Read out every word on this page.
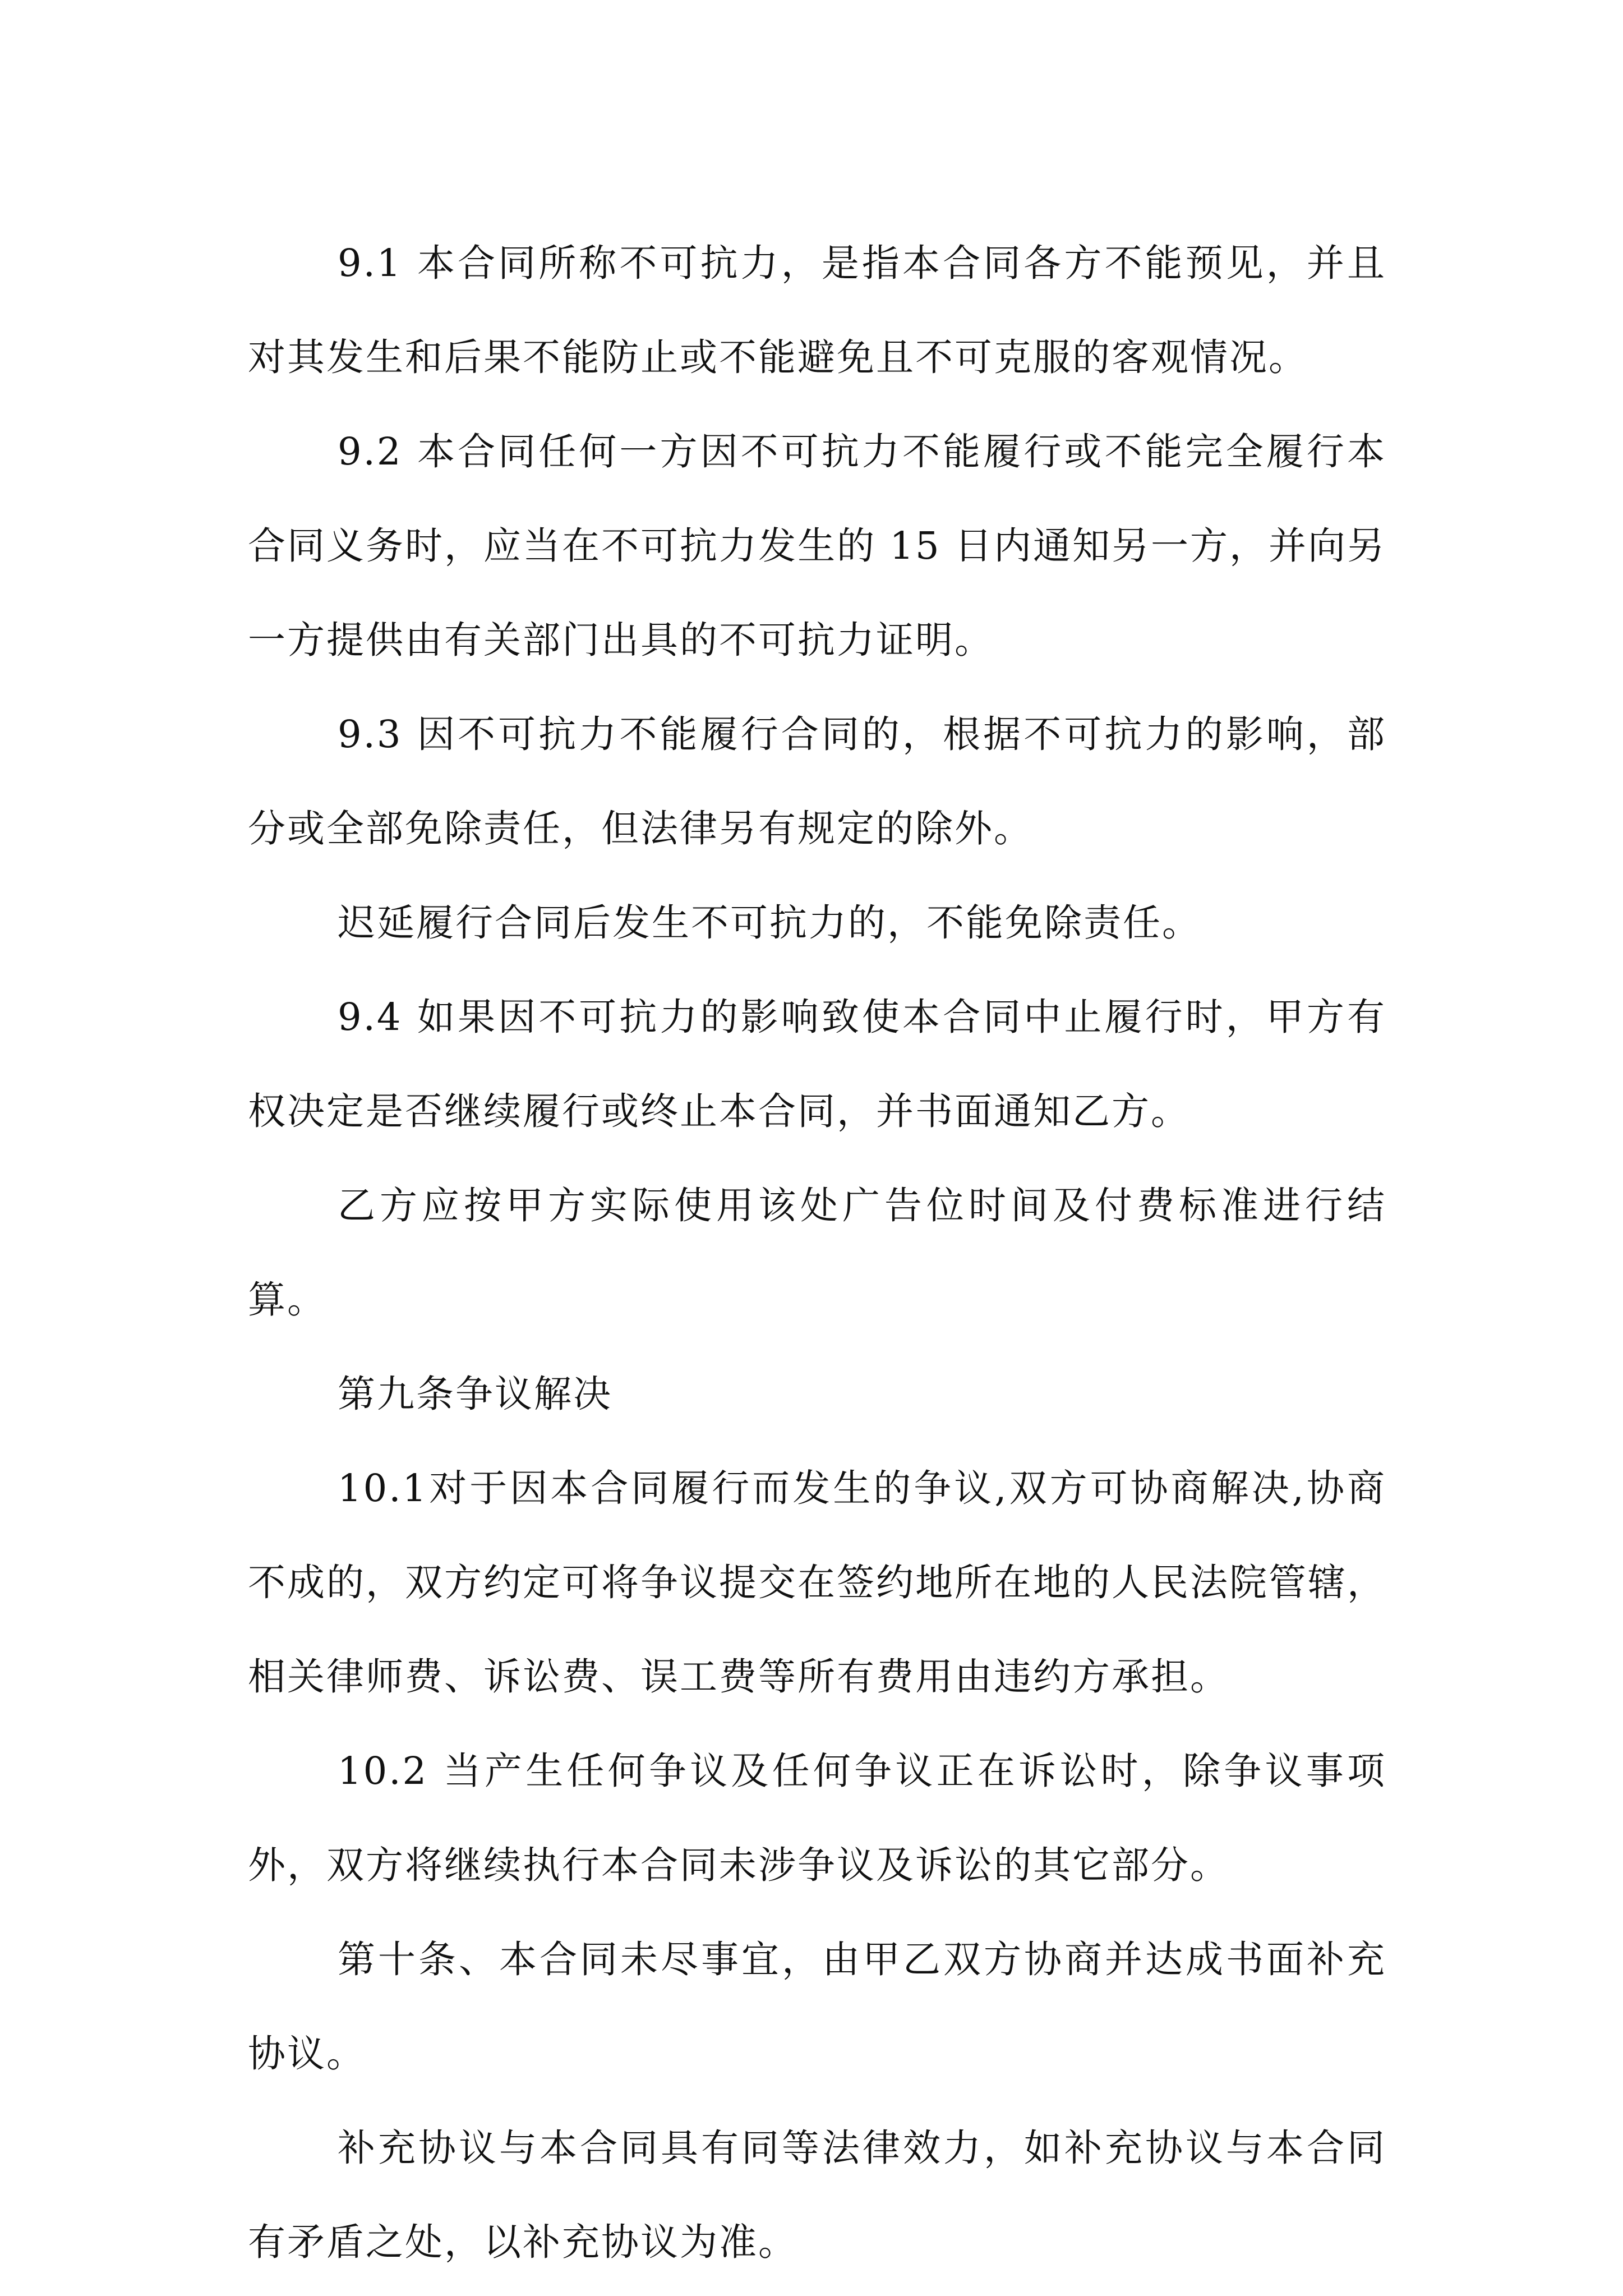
9.1 本合同所称不可抗力，是指本合同各方不能预见，并且对其发生和后果不能防止或不能避免且不可克服的客观情况。

9.2 本合同任何一方因不可抗力不能履行或不能完全履行本合同义务时，应当在不可抗力发生的 15 日内通知另一方，并向另一方提供由有关部门出具的不可抗力证明。

9.3 因不可抗力不能履行合同的，根据不可抗力的影响，部分或全部免除责任，但法律另有规定的除外。

迟延履行合同后发生不可抗力的，不能免除责任。

9.4 如果因不可抗力的影响致使本合同中止履行时，甲方有权决定是否继续履行或终止本合同，并书面通知乙方。

乙方应按甲方实际使用该处广告位时间及付费标准进行结算。

第九条争议解决

10.1对于因本合同履行而发生的争议,双方可协商解决,协商不成的，双方约定可将争议提交在签约地所在地的人民法院管辖，相关律师费、诉讼费、误工费等所有费用由违约方承担。

10.2 当产生任何争议及任何争议正在诉讼时，除争议事项外，双方将继续执行本合同未涉争议及诉讼的其它部分。

第十条、本合同未尽事宜，由甲乙双方协商并达成书面补充协议。

补充协议与本合同具有同等法律效力，如补充协议与本合同有矛盾之处，以补充协议为准。
